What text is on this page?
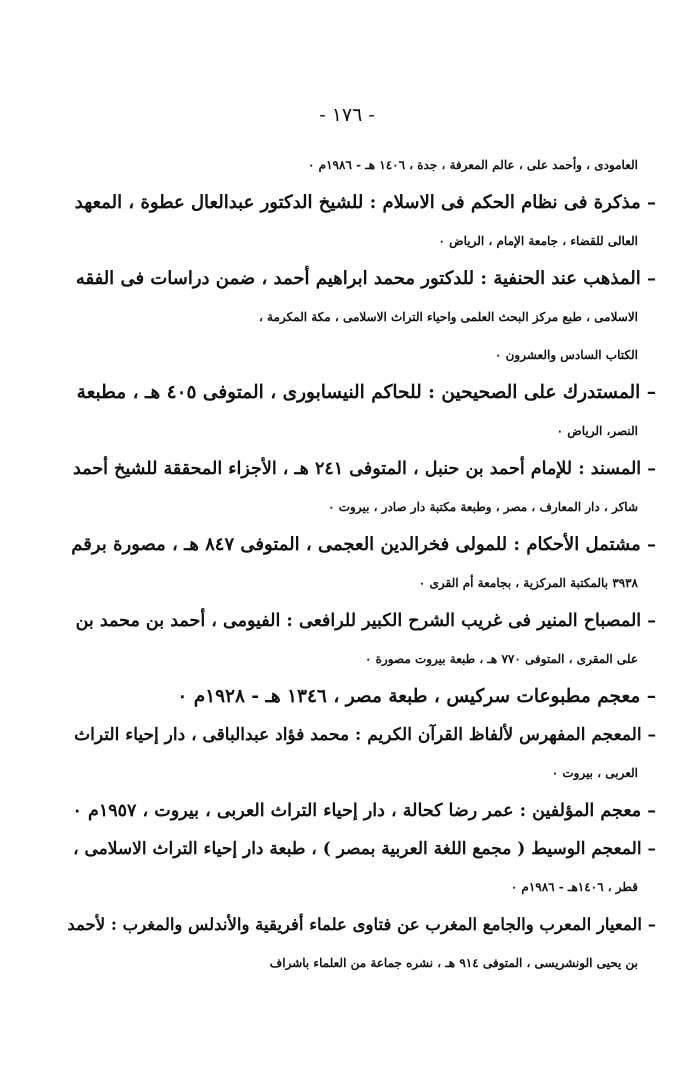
- ١٧٦ -

العامودى ، وأحمد على ، عالم المعرفة ، جدة ، ١٤٠٦ هـ - ١٩٨٦م ٠

– مذكرة فى نظام الحكم فى الاسلام : للشيخ الدكتور عبدالعال عطوة ، المعهد
العالى للقضاء ، جامعة الإمام ، الرياض ٠

– المذهب عند الحنفية : للدكتور محمد ابراهيم أحمد ، ضمن دراسات فى الفقه
الاسلامى ، طبع مركز البحث العلمى واحياء التراث الاسلامى ، مكة المكرمة ،
الكتاب السادس والعشرون ٠

– المستدرك على الصحيحين : للحاكم النيسابورى ، المتوفى ٤٠٥ هـ ، مطبعة
النصر، الرياض ٠

– المسند : للإمام أحمد بن حنبل ، المتوفى ٢٤١ هـ ، الأجزاء المحققة للشيخ أحمد
شاكر ، دار المعارف ، مصر ، وطبعة مكتبة دار صادر ، بيروت ٠

– مشتمل الأحكام : للمولى فخرالدين العجمى ، المتوفى ٨٤٧ هـ ، مصورة برقم
٣٩٣٨ بالمكتبة المركزية ، بجامعة أم القرى ٠

– المصباح المنير فى غريب الشرح الكبير للرافعى : الفيومى ، أحمد بن محمد بن
على المقرى ، المتوفى ٧٧٠ هـ ، طبعة بيروت مصورة ٠

– معجم مطبوعات سركيس ، طبعة مصر ، ١٣٤٦ هـ - ١٩٢٨م ٠

– المعجم المفهرس لألفاظ القرآن الكريم : محمد فؤاد عبدالباقى ، دار إحياء التراث
العربى ، بيروت ٠

– معجم المؤلفين : عمر رضا كحالة ، دار إحياء التراث العربى ، بيروت ، ١٩٥٧م ٠

– المعجم الوسيط ( مجمع اللغة العربية بمصر ) ، طبعة دار إحياء التراث الاسلامى ،
قطر ، ١٤٠٦هـ - ١٩٨٦م ٠

– المعيار المعرب والجامع المغرب عن فتاوى علماء أفريقية والأندلس والمغرب : لأحمد
بن يحيى الونشريسى ، المتوفى ٩١٤ هـ ، نشره جماعة من العلماء باشراف
